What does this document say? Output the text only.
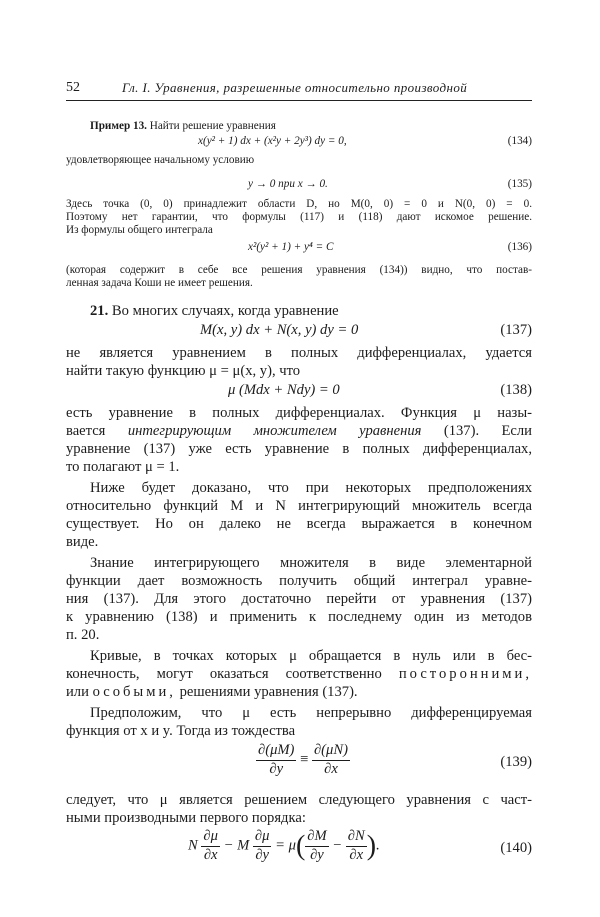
52	Гл. I. Уравнения, разрешенные относительно производной
Пример 13. Найти решение уравнения
x(y² + 1) dx + (x²y + 2y³) dy = 0,	(134)
удовлетворяющее начальному условию
y → 0 при x → 0.	(135)
Здесь точка (0, 0) принадлежит области D, но M(0, 0) = 0 и N(0, 0) = 0.
Поэтому нет гарантии, что формулы (117) и (118) дают искомое решение.
Из формулы общего интеграла
x²(y² + 1) + y⁴ = C	(136)
(которая содержит в себе все решения уравнения (134)) видно, что постав-
ленная задача Коши не имеет решения.
21. Во многих случаях, когда уравнение
M(x, y) dx + N(x, y) dy = 0	(137)
не является уравнением в полных дифференциалах, удается
найти такую функцию μ = μ(x, y), что
μ (Mdx + Ndy) = 0	(138)
есть уравнение в полных дифференциалах. Функция μ назы-
вается интегрирующим множителем уравнения (137). Если
уравнение (137) уже есть уравнение в полных дифференциалах,
то полагают μ = 1.
Ниже будет доказано, что при некоторых предположениях
относительно функций M и N интегрирующий множитель всегда
существует. Но он далеко не всегда выражается в конечном
виде.
Знание интегрирующего множителя в виде элементарной
функции дает возможность получить общий интеграл уравне-
ния (137). Для этого достаточно перейти от уравнения (137)
к уравнению (138) и применить к последнему один из методов
п. 20.
Кривые, в точках которых μ обращается в нуль или в бес-
конечность, могут оказаться соответственно посторонними,
или особыми, решениями уравнения (137).
Предположим, что μ есть непрерывно дифференцируемая
функция от x и y. Тогда из тождества
$\frac{\partial(\mu M)}{\partial y} \equiv \frac{\partial(\mu N)}{\partial x}$	(139)
следует, что μ является решением следующего уравнения с част-
ными производными первого порядка:
N $\frac{\partial\mu}{\partial x} - M \frac{\partial\mu}{\partial y} = \mu( \frac{\partial M}{\partial y} - \frac{\partial N}{\partial x}$ ).	(140)
